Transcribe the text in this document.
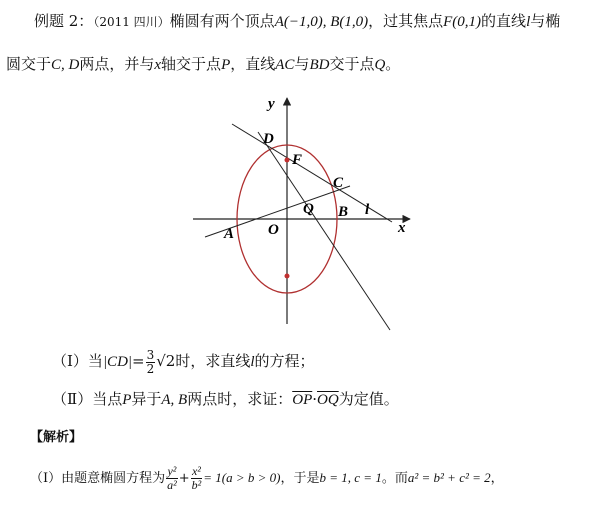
例题 2：（2011 四川）椭圆有两个顶点A(−1,0), B(1,0)，过其焦点F(0,1)的直线l与椭
圆交于C, D两点，并与x轴交于点P，直线AC与BD交于点Q。
y
x
O
A
B
C
D
F
Q	l
（Ⅰ）当$|CD|= \frac{3}{2} √2$时，求直线l的方程；
（Ⅱ）当点P异于A, B两点时，求证：$\overline{OP}\cdot\overline{OQ}$为定值。
【解析】
（Ⅰ）由题意椭圆方程为 $\frac{\text{y²}}{\text{a²}} + \frac{\text{x²}}{\text{b²}} = 1(a > b > 0)$，于是b = 1, c = 1。而a² = b² + c² = 2，
